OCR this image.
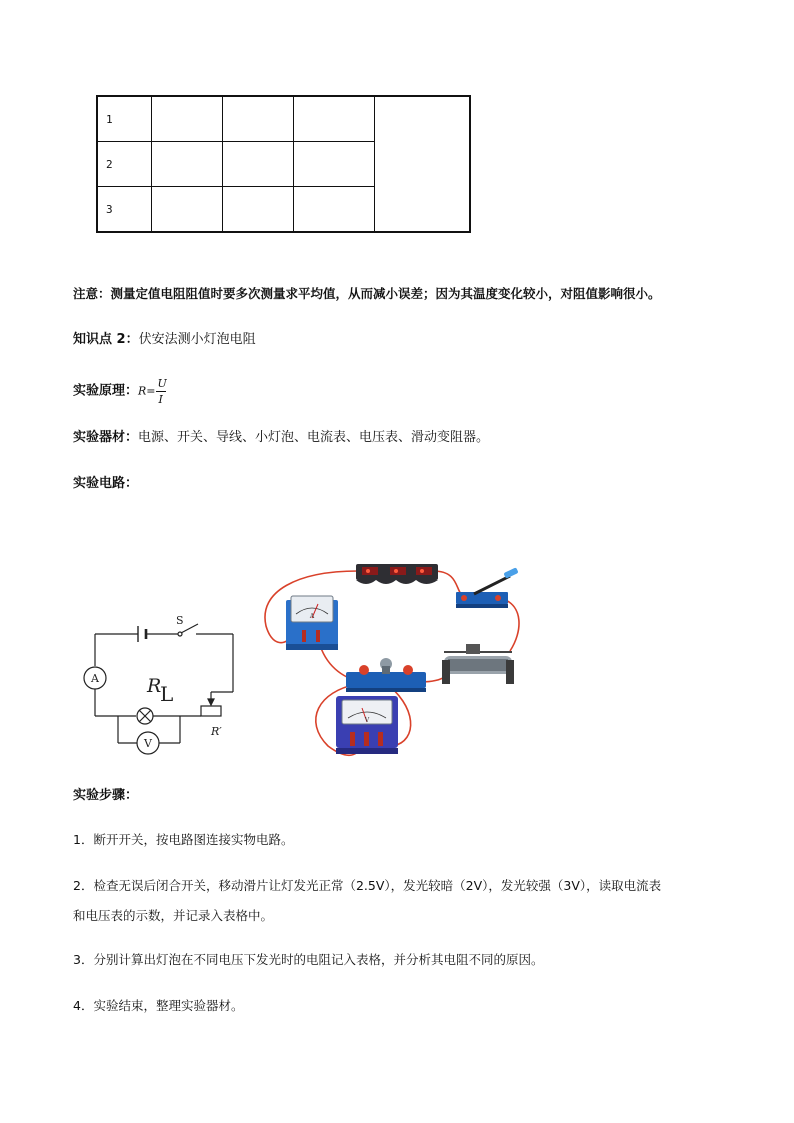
1				
2				
3				
注意：测量定值电阻阻值时要多次测量求平均值，从而减小误差；因为其温度变化较小，对阻值影响很小。
知识点 2：伏安法测小灯泡电阻
实验原理：$R= \frac{U}{I}$
实验器材：电源、开关、导线、小灯泡、电流表、电压表、滑动变阻器。
实验电路：
S
A
V
R
L
R′
A
V
实验步骤：
1．断开开关，按电路图连接实物电路。
2．检查无误后闭合开关，移动滑片让灯发光正常（2.5V），发光较暗（2V），发光较强（3V），读取电流表
和电压表的示数，并记录入表格中。
3．分别计算出灯泡在不同电压下发光时的电阻记入表格，并分析其电阻不同的原因。
4．实验结束，整理实验器材。
